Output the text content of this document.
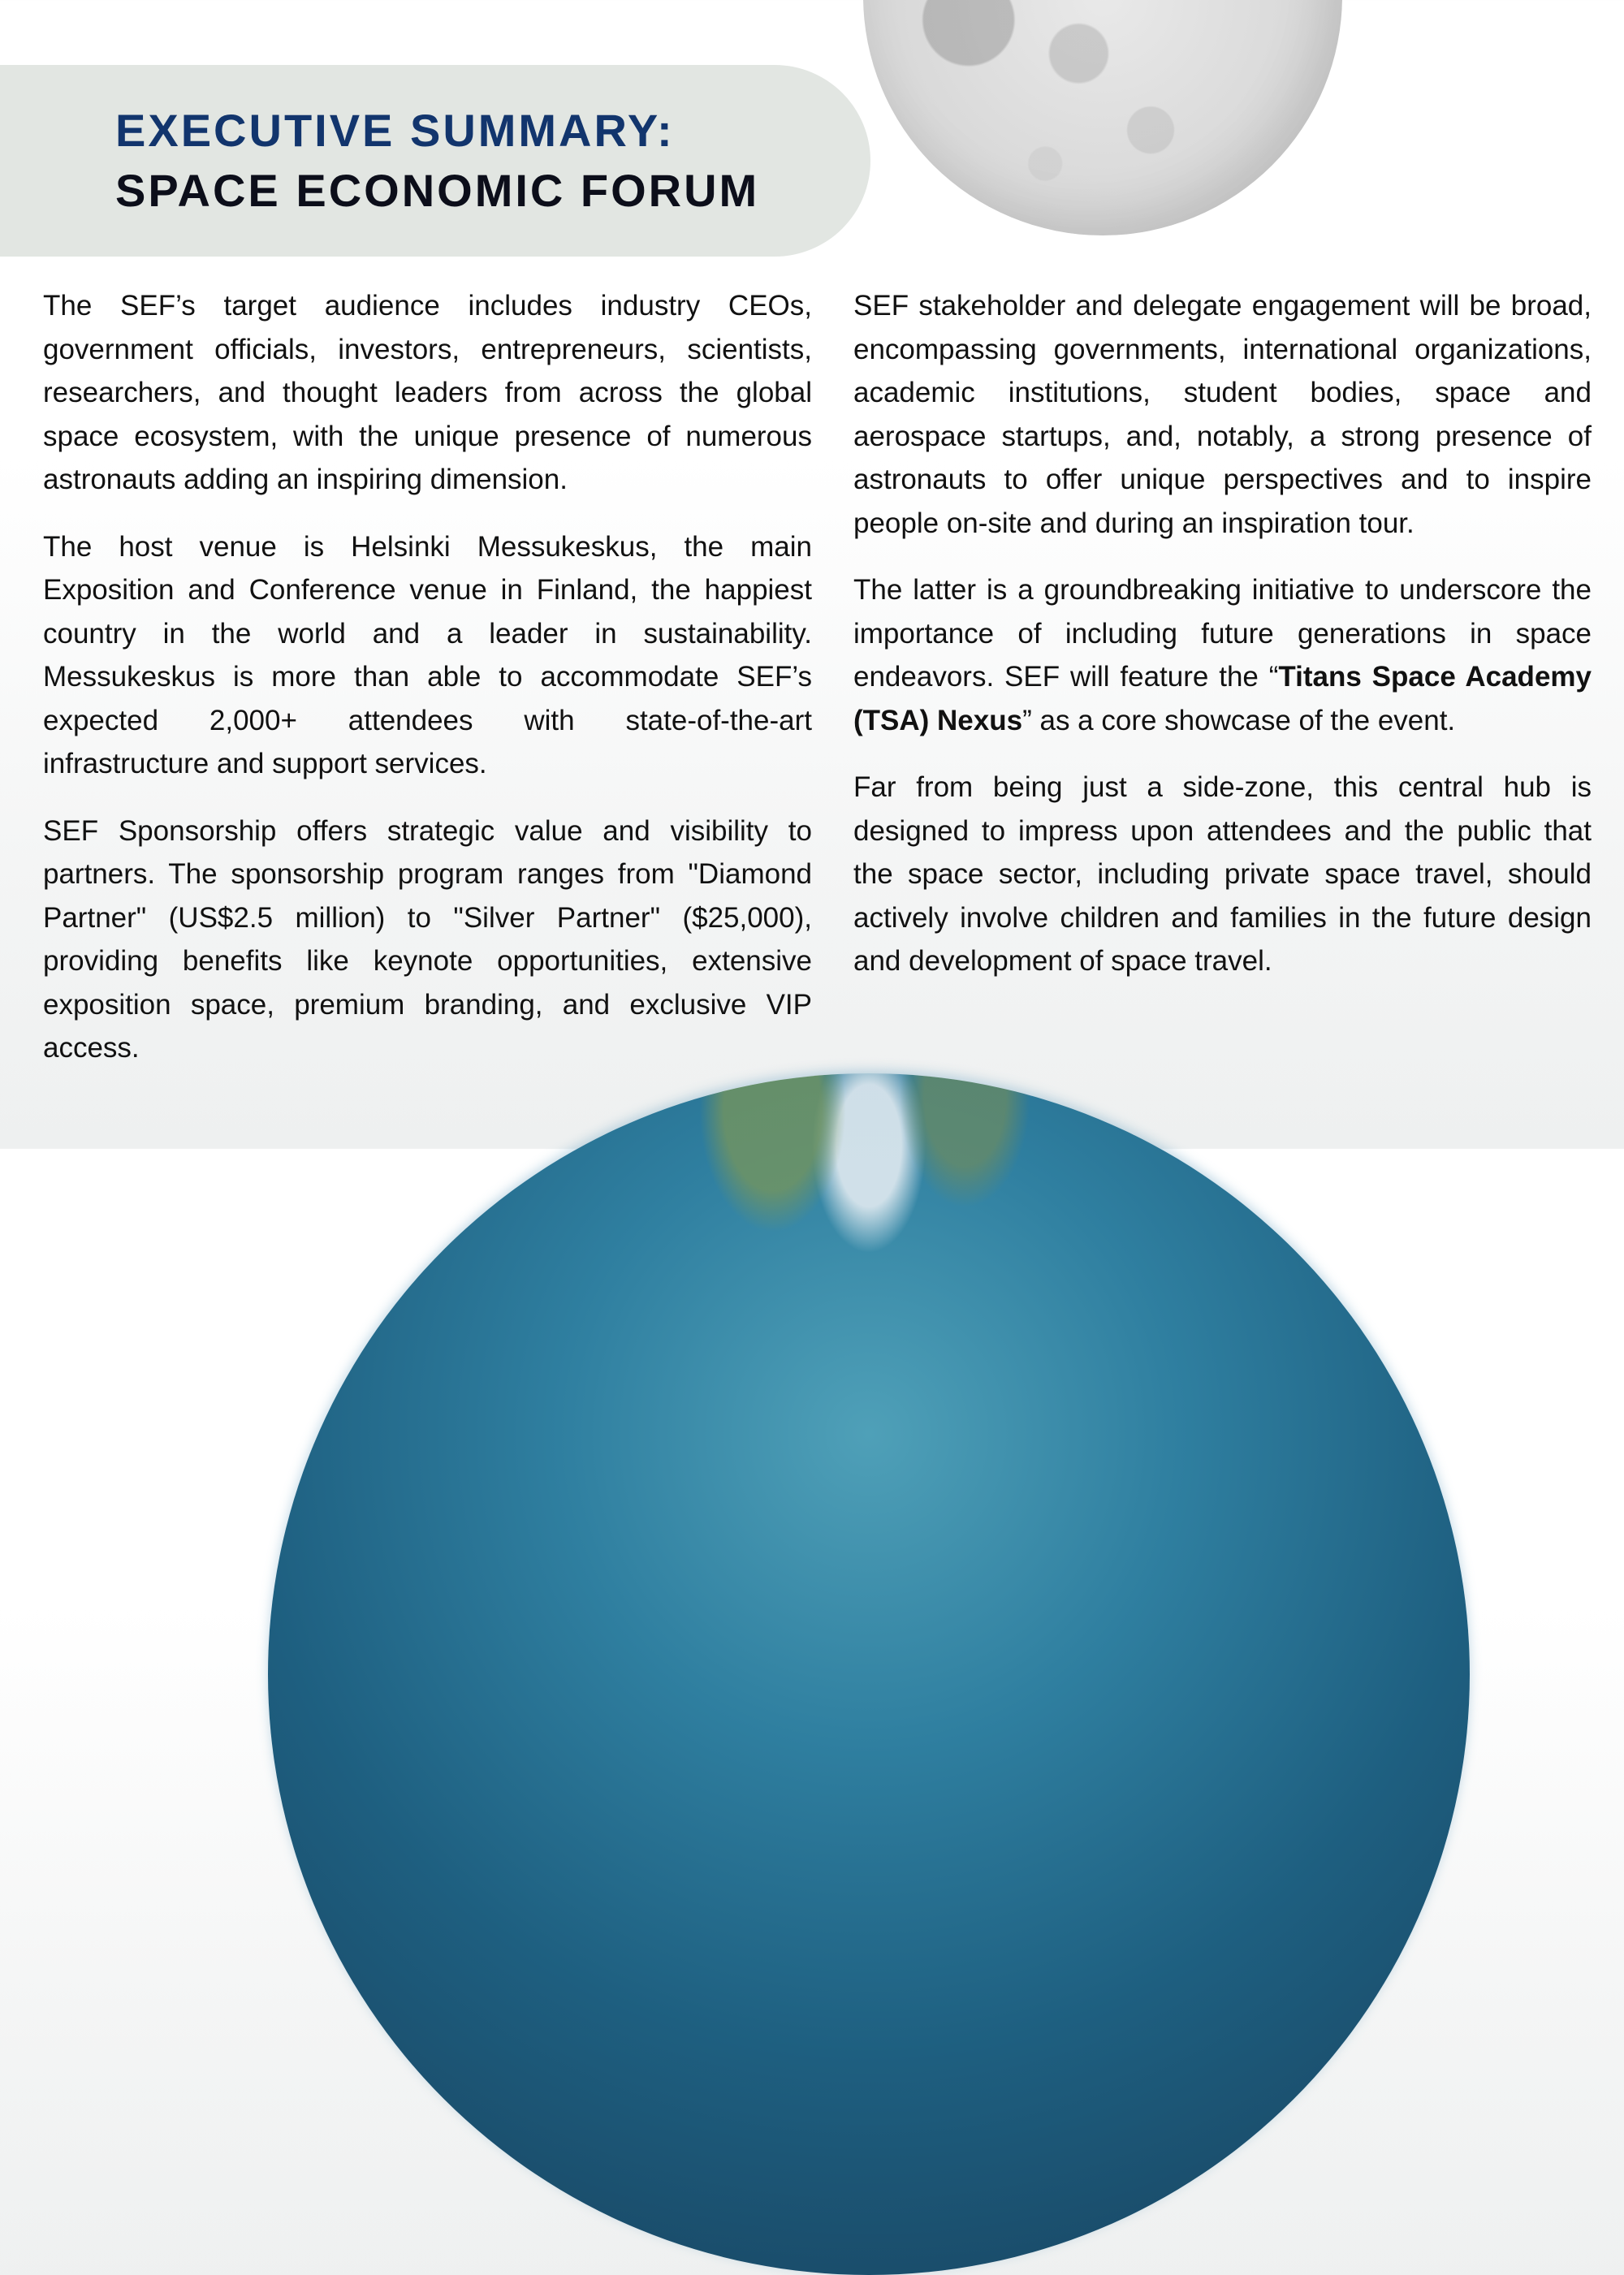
EXECUTIVE SUMMARY:
SPACE ECONOMIC FORUM

The SEF’s target audience includes industry CEOs, government officials, investors, entrepreneurs, scientists, researchers, and thought leaders from across the global space ecosystem, with the unique presence of numerous astronauts adding an inspiring dimension.

The host venue is Helsinki Messukeskus, the main Exposition and Conference venue in Finland, the happiest country in the world and a leader in sustainability. Messukeskus is more than able to accommodate SEF’s expected 2,000+ attendees with state-of-the-art infrastructure and support services.

SEF Sponsorship offers strategic value and visibility to partners. The sponsorship program ranges from "Diamond Partner" (US$2.5 million) to "Silver Partner" ($25,000), providing benefits like keynote opportunities, extensive exposition space, premium branding, and exclusive VIP access.

SEF stakeholder and delegate engagement will be broad, encompassing governments, international organizations, academic institutions, student bodies, space and aerospace startups, and, notably, a strong presence of astronauts to offer unique perspectives and to inspire people on-site and during an inspiration tour.

The latter is a groundbreaking initiative to underscore the importance of including future generations in space endeavors. SEF will feature the “Titans Space Academy (TSA) Nexus” as a core showcase of the event.

Far from being just a side-zone, this central hub is designed to impress upon attendees and the public that the space sector, including private space travel, should actively involve children and families in the future design and development of space travel.
